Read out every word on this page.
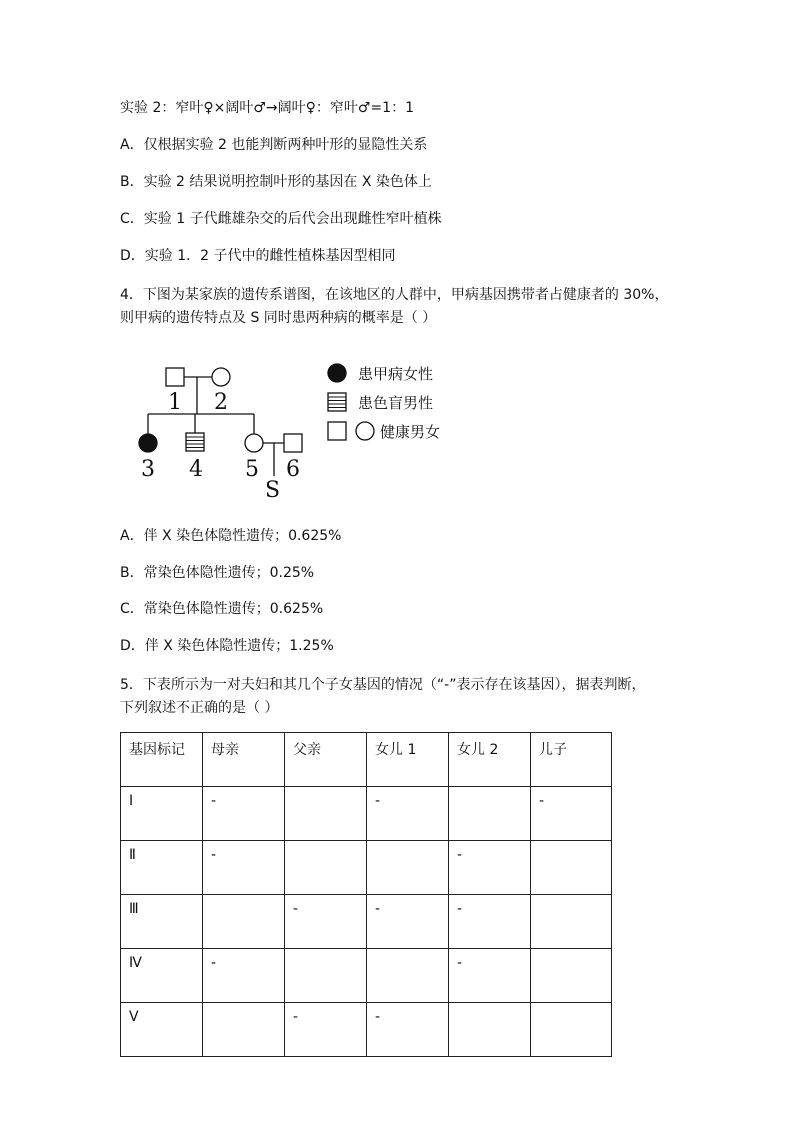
实验 2：窄叶♀×阔叶♂→阔叶♀：窄叶♂=1：1
A．仅根据实验 2 也能判断两种叶形的显隐性关系
B．实验 2 结果说明控制叶形的基因在 X 染色体上
C．实验 1 子代雌雄杂交的后代会出现雌性窄叶植株
D．实验 1．2 子代中的雌性植株基因型相同
4．下图为某家族的遗传系谱图，在该地区的人群中，甲病基因携带者占健康者的 30%，
则甲病的遗传特点及 S 同时患两种病的概率是（ ）
1 2
3 4 5 6
S
患甲病女性
患色盲男性
健康男女
A．伴 X 染色体隐性遗传；0.625%
B．常染色体隐性遗传；0.25%
C．常染色体隐性遗传；0.625%
D．伴 X 染色体隐性遗传；1.25%
5．下表所示为一对夫妇和其几个子女基因的情况（“-”表示存在该基因），据表判断，
下列叙述不正确的是（ ）
基因标记	母亲	父亲	女儿 1	女儿 2	儿子
Ⅰ	-		-		-
Ⅱ	-			-	
Ⅲ		-	-	-	
Ⅳ	-			-	
Ⅴ		-	-		
